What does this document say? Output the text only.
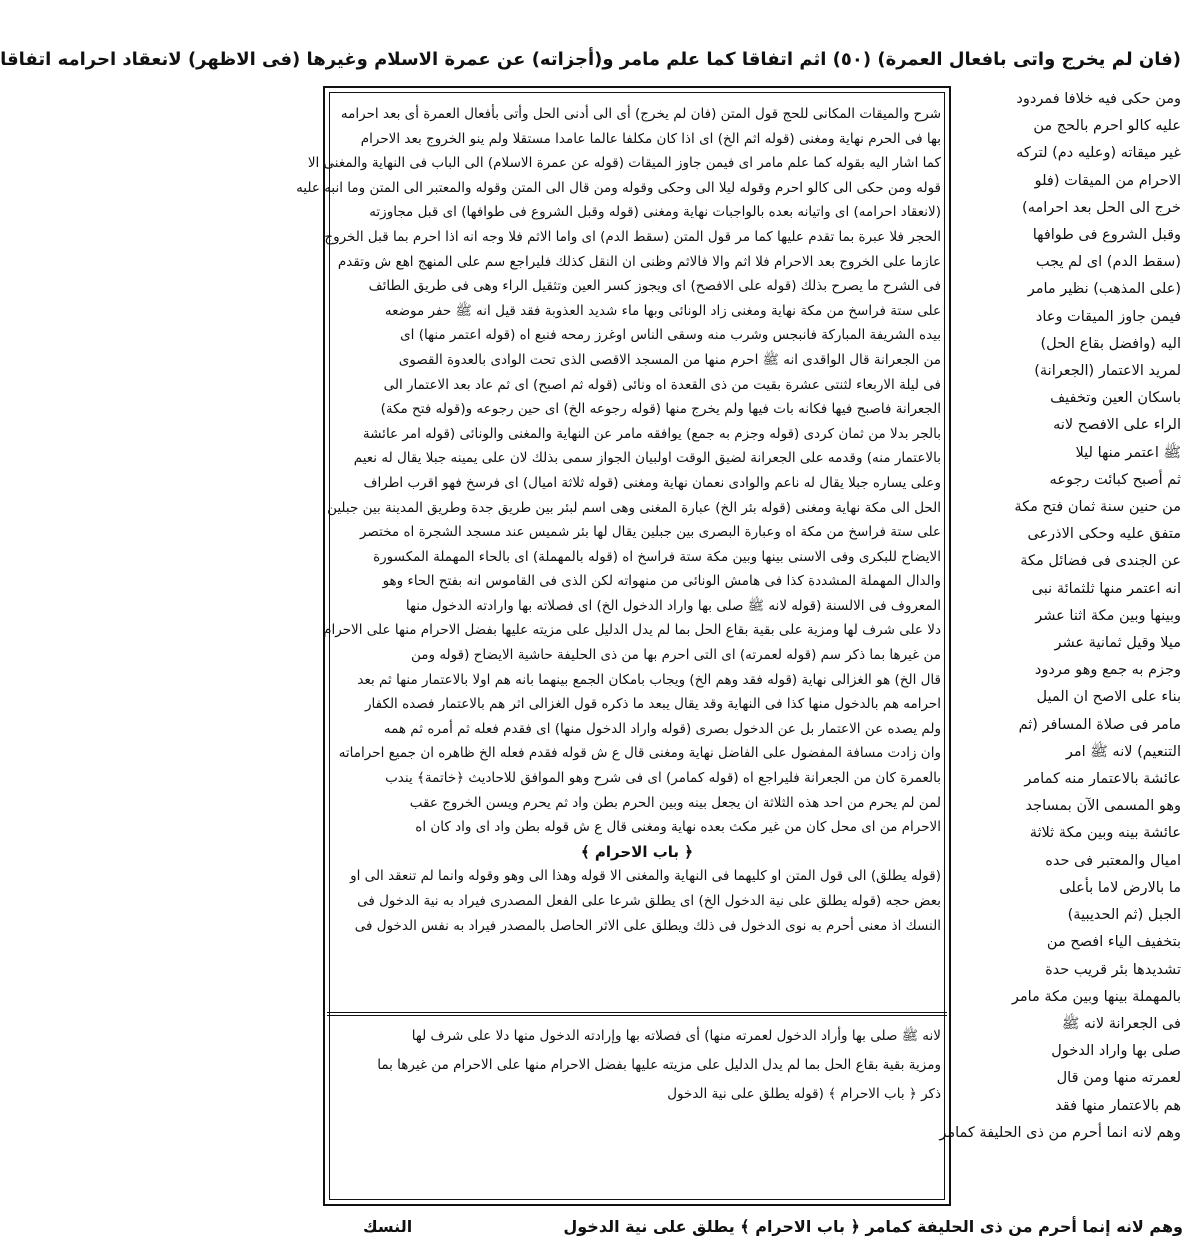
(فان لم يخرج واتى بافعال العمرة) (٥٠) اثم اتفاقا كما علم مامر و(أجزاته) عن عمرة الاسلام وغيرها (فى الاظهر) لانعقاد احرامه اتفاقا
ومن حكى فيه خلافا فمردود
عليه كالو احرم بالحج من
غير ميقاته (وعليه دم) لتركه
الاحرام من الميقات (فلو
خرج الى الحل بعد احرامه)
وقبل الشروع فى طوافها
(سقط الدم) اى لم يجب
(على المذهب) نظير مامر
فيمن جاوز الميقات وعاد
اليه (وافضل بقاع الحل)
لمريد الاعتمار (الجعرانة)
باسكان العين وتخفيف
الراء على الافصح لانه
ﷺ اعتمر منها ليلا
ثم أصبح كبائت رجوعه
من حنين سنة ثمان فتح مكة
متفق عليه وحكى الاذرعى
عن الجندى فى فضائل مكة
انه اعتمر منها ثلثمائة نبى
وبينها وبين مكة اثنا عشر
ميلا وقيل ثمانية عشر
وجزم به جمع وهو مردود
بناء على الاصح ان الميل
مامر فى صلاة المسافر (ثم
التنعيم) لانه ﷺ امر
عائشة بالاعتمار منه كمامر
وهو المسمى الآن بمساجد
عائشة بينه وبين مكة ثلاثة
اميال والمعتبر فى حده
ما بالارض لاما بأعلى
الجبل (ثم الحديبية)
بتخفيف الياء افصح من
تشديدها بئر قريب حدة
بالمهملة بينها وبين مكة مامر
فى الجعرانة لانه ﷺ
صلى بها واراد الدخول
لعمرته منها ومن قال
هم بالاعتمار منها فقد
وهم لانه انما أحرم من ذى الحليفة كمامر
شرح والميقات المكانى للحج قول المتن (فان لم يخرج) أى الى أدنى الحل وأتى بأفعال العمرة أى بعد احرامه
بها فى الحرم نهاية ومغنى (قوله اثم الخ) اى اذا كان مكلفا عالما عامدا مستقلا ولم ينو الخروج بعد الاحرام
كما اشار اليه بقوله كما علم مامر اى فيمن جاوز الميقات (قوله عن عمرة الاسلام) الى الباب فى النهاية والمغنى الا
قوله ومن حكى الى كالو احرم وقوله ليلا الى وحكى وقوله ومن قال الى المتن وقوله والمعتبر الى المتن وما انبه عليه
(لانعقاد احرامه) اى واتيانه بعده بالواجبات نهاية ومغنى (قوله وقبل الشروع فى طوافها) اى قبل مجاوزته
الحجر فلا عبرة بما تقدم عليها كما مر قول المتن (سقط الدم) اى واما الاثم فلا وجه انه اذا احرم بما قبل الخروج
عازما على الخروج بعد الاحرام فلا اثم والا فالاثم وظنى ان النقل كذلك فليراجع سم على المنهج اهع ش وتقدم
فى الشرح ما يصرح بذلك (قوله على الافصح) اى ويجوز كسر العين وتثقيل الراء وهى فى طريق الطائف
على ستة فراسخ من مكة نهاية ومغنى زاد الونائى وبها ماء شديد العذوبة فقد قيل انه ﷺ حفر موضعه
بيده الشريفة المباركة فانبجس وشرب منه وسقى الناس اوغرز رمحه فنبع اه (قوله اعتمر منها) اى
من الجعرانة قال الواقدى انه ﷺ احرم منها من المسجد الاقصى الذى تحت الوادى بالعدوة القصوى
فى ليلة الاربعاء لثنتى عشرة بقيت من ذى القعدة اه ونائى (قوله ثم اصبح) اى ثم عاد بعد الاعتمار الى
الجعرانة فاصبح فيها فكانه بات فيها ولم يخرج منها (قوله رجوعه الخ) اى حين رجوعه و(قوله فتح مكة)
بالجر بدلا من ثمان كردى (قوله وجزم به جمع) يوافقه مامر عن النهاية والمغنى والونائى (قوله امر عائشة
بالاعتمار منه) وقدمه على الجعرانة لضيق الوقت اولبيان الجواز سمى بذلك لان على يمينه جبلا يقال له نعيم
وعلى يساره جبلا يقال له ناعم والوادى نعمان نهاية ومغنى (قوله ثلاثة اميال) اى فرسخ فهو اقرب اطراف
الحل الى مكة نهاية ومغنى (قوله بئر الخ) عبارة المغنى وهى اسم لبئر بين طريق جدة وطريق المدينة بين جبلين
على ستة فراسخ من مكة اه وعبارة البصرى بين جبلين يقال لها بئر شميس عند مسجد الشجرة اه مختصر
الايضاح للبكرى وفى الاسنى بينها وبين مكة ستة فراسخ اه (قوله بالمهملة) اى بالحاء المهملة المكسورة
والدال المهملة المشددة كذا فى هامش الونائى من منهواته لكن الذى فى القاموس انه بفتح الحاء وهو
المعروف فى الالسنة (قوله لانه ﷺ صلى بها واراد الدخول الخ) اى فصلاته بها وارادته الدخول منها
دلا على شرف لها ومزية على بقية بقاع الحل بما لم يدل الدليل على مزيته عليها بفضل الاحرام منها على الاحرام
من غيرها بما ذكر سم (قوله لعمرته) اى التى احرم بها من ذى الحليفة حاشية الايضاح (قوله ومن
قال الخ) هو الغزالى نهاية (قوله فقد وهم الخ) ويجاب بامكان الجمع بينهما بانه هم اولا بالاعتمار منها ثم بعد
احرامه هم بالدخول منها كذا فى النهاية وقد يقال يبعد ما ذكره قول الغزالى اثر هم بالاعتمار فصده الكفار
ولم يصده عن الاعتمار بل عن الدخول بصرى (قوله واراد الدخول منها) اى فقدم فعله ثم أمره ثم همه
وان زادت مسافة المفضول على الفاضل نهاية ومغنى قال ع ش قوله فقدم فعله الخ ظاهره ان جميع احراماته
بالعمرة كان من الجعرانة فليراجع اه (قوله كمامر) اى فى شرح وهو الموافق للاحاديث ﴿خاتمة﴾ يندب
لمن لم يحرم من احد هذه الثلاثة ان يجعل بينه وبين الحرم بطن واد ثم يحرم ويسن الخروج عقب
الاحرام من اى محل كان من غير مكث بعده نهاية ومغنى قال ع ش قوله بطن واد اى واد كان اه
﴿ باب الاحرام ﴾
(قوله يطلق) الى قول المتن او كليهما فى النهاية والمغنى الا قوله وهذا الى وهو وقوله وانما لم تنعقد الى او
بعض حجه (قوله يطلق على نية الدخول الخ) اى يطلق شرعا على الفعل المصدرى فيراد به نية الدخول فى
النسك اذ معنى أحرم به نوى الدخول فى ذلك ويطلق على الاثر الحاصل بالمصدر فيراد به نفس الدخول فى
لانه ﷺ صلى بها وأراد الدخول لعمرته منها) أى فصلاته بها وإرادته الدخول منها دلا على شرف لها
ومزية بقية بقاع الحل بما لم يدل الدليل على مزيته عليها بفضل الاحرام منها على الاحرام من غيرها بما
ذكر ﴿ باب الاحرام ﴾ (قوله يطلق على نية الدخول
وهم لانه إنما أحرم من ذى الحليفة كمامر ﴿ باب الاحرام ﴾ يطلق على نية الدخول
النسك
